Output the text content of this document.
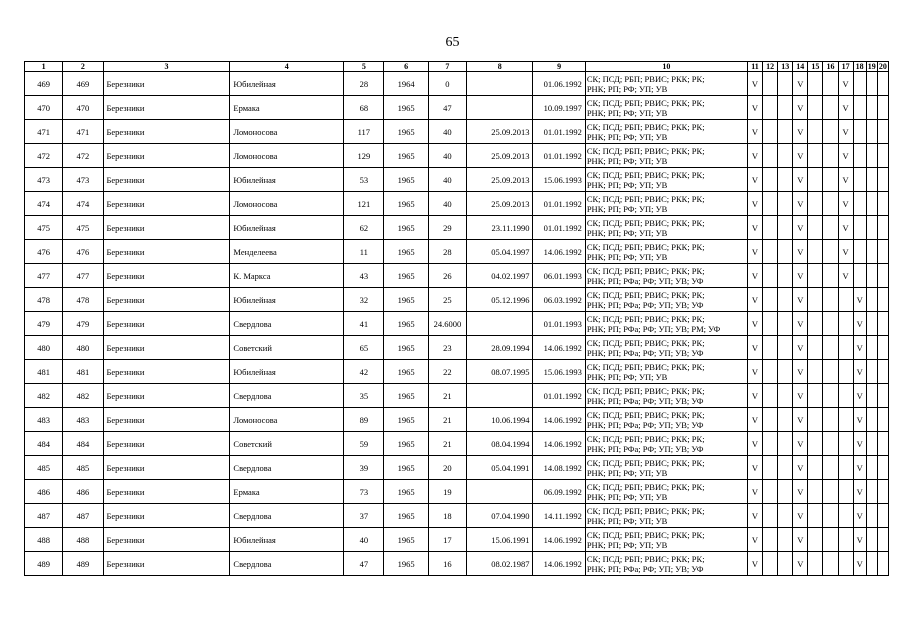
65
1	2	3	4	5	6	7	8	9	10	11	12	13	14	15	16	17	18	19	20
469	469	Березники	Юбилейная	28	1964	0		01.06.1992	СК; ПСД; РБП; РВИС; РКК; РК;
РНК; РП; РФ; УП; УВ	V			V			V			
470	470	Березники	Ермака	68	1965	47		10.09.1997	СК; ПСД; РБП; РВИС; РКК; РК;
РНК; РП; РФ; УП; УВ	V			V			V			
471	471	Березники	Ломоносова	117	1965	40	25.09.2013	01.01.1992	СК; ПСД; РБП; РВИС; РКК; РК;
РНК; РП; РФ; УП; УВ	V			V			V			
472	472	Березники	Ломоносова	129	1965	40	25.09.2013	01.01.1992	СК; ПСД; РБП; РВИС; РКК; РК;
РНК; РП; РФ; УП; УВ	V			V			V			
473	473	Березники	Юбилейная	53	1965	40	25.09.2013	15.06.1993	СК; ПСД; РБП; РВИС; РКК; РК;
РНК; РП; РФ; УП; УВ	V			V			V			
474	474	Березники	Ломоносова	121	1965	40	25.09.2013	01.01.1992	СК; ПСД; РБП; РВИС; РКК; РК;
РНК; РП; РФ; УП; УВ	V			V			V			
475	475	Березники	Юбилейная	62	1965	29	23.11.1990	01.01.1992	СК; ПСД; РБП; РВИС; РКК; РК;
РНК; РП; РФ; УП; УВ	V			V			V			
476	476	Березники	Менделеева	11	1965	28	05.04.1997	14.06.1992	СК; ПСД; РБП; РВИС; РКК; РК;
РНК; РП; РФ; УП; УВ	V			V			V			
477	477	Березники	К. Маркса	43	1965	26	04.02.1997	06.01.1993	СК; ПСД; РБП; РВИС; РКК; РК;
РНК; РП; РФа; РФ; УП; УВ; УФ	V			V			V			
478	478	Березники	Юбилейная	32	1965	25	05.12.1996	06.03.1992	СК; ПСД; РБП; РВИС; РКК; РК;
РНК; РП; РФа; РФ; УП; УВ; УФ	V			V				V		
479	479	Березники	Свердлова	41	1965	24.6000		01.01.1993	СК; ПСД; РБП; РВИС; РКК; РК;
РНК; РП; РФа; РФ; УП; УВ; РМ; УФ	V			V				V		
480	480	Березники	Советский	65	1965	23	28.09.1994	14.06.1992	СК; ПСД; РБП; РВИС; РКК; РК;
РНК; РП; РФа; РФ; УП; УВ; УФ	V			V				V		
481	481	Березники	Юбилейная	42	1965	22	08.07.1995	15.06.1993	СК; ПСД; РБП; РВИС; РКК; РК;
РНК; РП; РФ; УП; УВ	V			V				V		
482	482	Березники	Свердлова	35	1965	21		01.01.1992	СК; ПСД; РБП; РВИС; РКК; РК;
РНК; РП; РФа; РФ; УП; УВ; УФ	V			V				V		
483	483	Березники	Ломоносова	89	1965	21	10.06.1994	14.06.1992	СК; ПСД; РБП; РВИС; РКК; РК;
РНК; РП; РФа; РФ; УП; УВ; УФ	V			V				V		
484	484	Березники	Советский	59	1965	21	08.04.1994	14.06.1992	СК; ПСД; РБП; РВИС; РКК; РК;
РНК; РП; РФа; РФ; УП; УВ; УФ	V			V				V		
485	485	Березники	Свердлова	39	1965	20	05.04.1991	14.08.1992	СК; ПСД; РБП; РВИС; РКК; РК;
РНК; РП; РФ; УП; УВ	V			V				V		
486	486	Березники	Ермака	73	1965	19		06.09.1992	СК; ПСД; РБП; РВИС; РКК; РК;
РНК; РП; РФ; УП; УВ	V			V				V		
487	487	Березники	Свердлова	37	1965	18	07.04.1990	14.11.1992	СК; ПСД; РБП; РВИС; РКК; РК;
РНК; РП; РФ; УП; УВ	V			V				V		
488	488	Березники	Юбилейная	40	1965	17	15.06.1991	14.06.1992	СК; ПСД; РБП; РВИС; РКК; РК;
РНК; РП; РФ; УП; УВ	V			V				V		
489	489	Березники	Свердлова	47	1965	16	08.02.1987	14.06.1992	СК; ПСД; РБП; РВИС; РКК; РК;
РНК; РП; РФа; РФ; УП; УВ; УФ	V			V				V		
